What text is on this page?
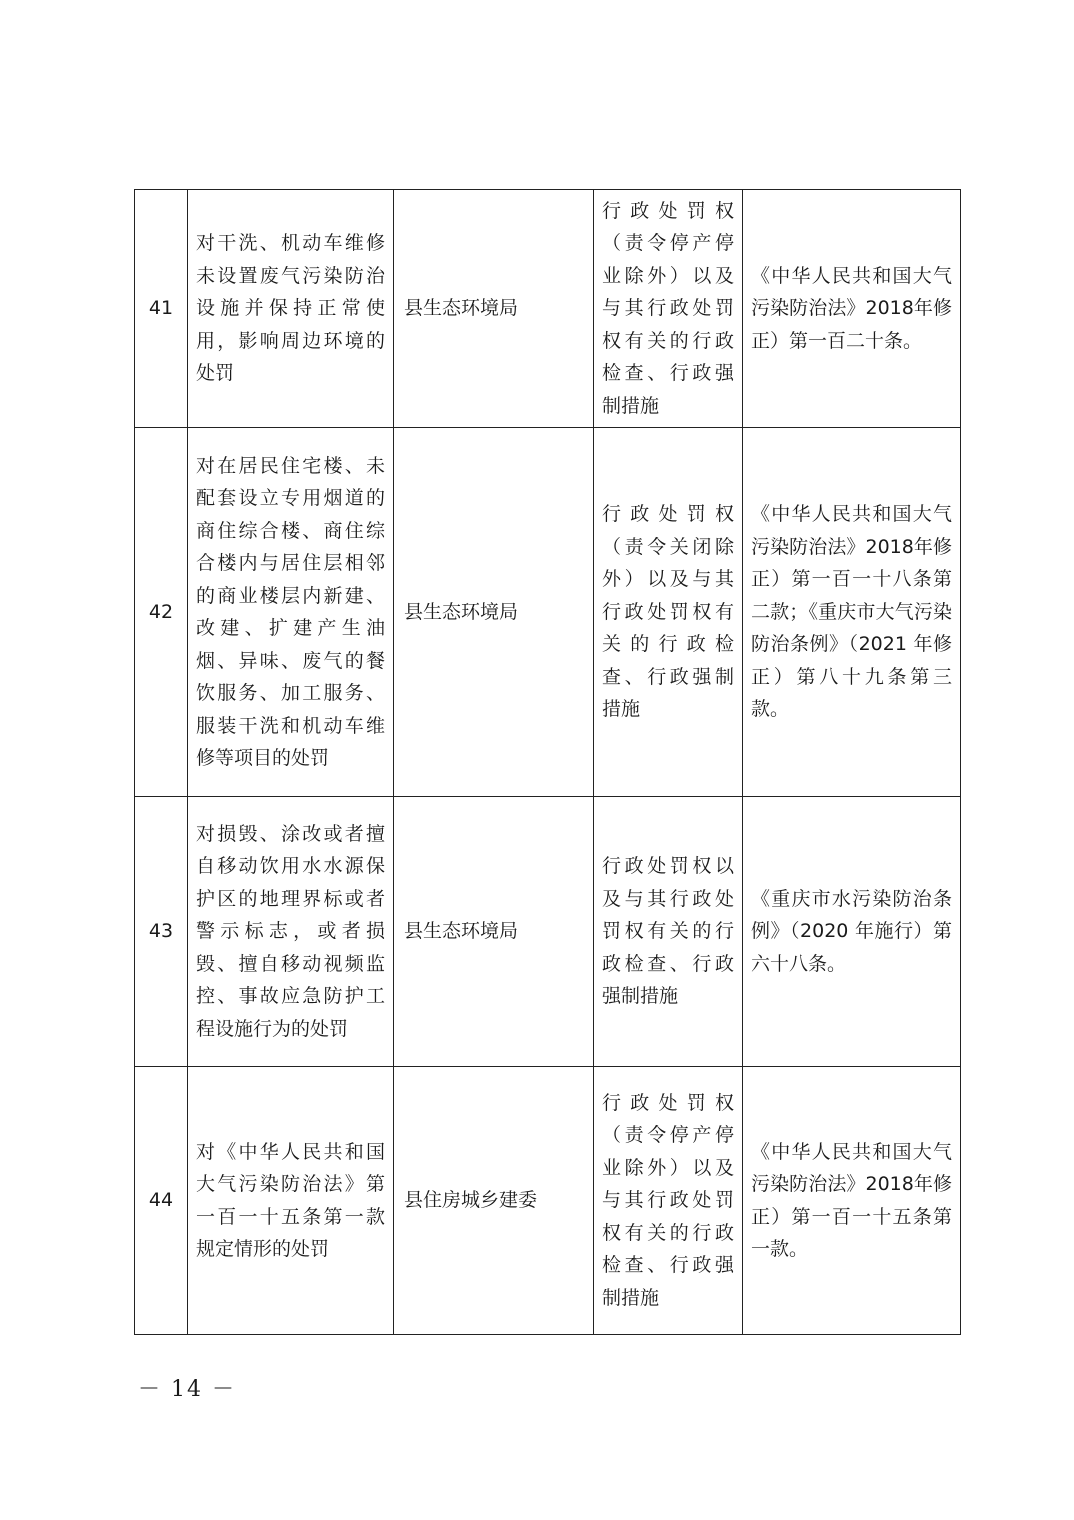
41	对干洗、机动车维修未设置废气污染防治设施并保持正常使用，影响周边环境的处罚	县生态环境局	行政处罚权（责令停产停业除外）以及与其行政处罚权有关的行政检查、行政强制措施	《中华人民共和国大气污染防治法》2018年修正）第一百二十条。

42	对在居民住宅楼、未配套设立专用烟道的商住综合楼、商住综合楼内与居住层相邻的商业楼层内新建、改建、扩建产生油烟、异味、废气的餐饮服务、加工服务、服装干洗和机动车维修等项目的处罚	县生态环境局	行政处罚权（责令关闭除外）以及与其行政处罚权有关的行政检查、行政强制措施	《中华人民共和国大气污染防治法》2018年修正）第一百一十八条第二款；《重庆市大气污染防治条例》（2021 年修正）第八十九条第三款。

43	对损毁、涂改或者擅自移动饮用水水源保护区的地理界标或者警示标志，或者损毁、擅自移动视频监控、事故应急防护工程设施行为的处罚	县生态环境局	行政处罚权以及与其行政处罚权有关的行政检查、行政强制措施	《重庆市水污染防治条例》（2020 年施行）第六十八条。

44	对《中华人民共和国大气污染防治法》第一百一十五条第一款规定情形的处罚	县住房城乡建委	行政处罚权（责令停产停业除外）以及与其行政处罚权有关的行政检查、行政强制措施	《中华人民共和国大气污染防治法》2018年修正）第一百一十五条第一款。
－ 14 －
